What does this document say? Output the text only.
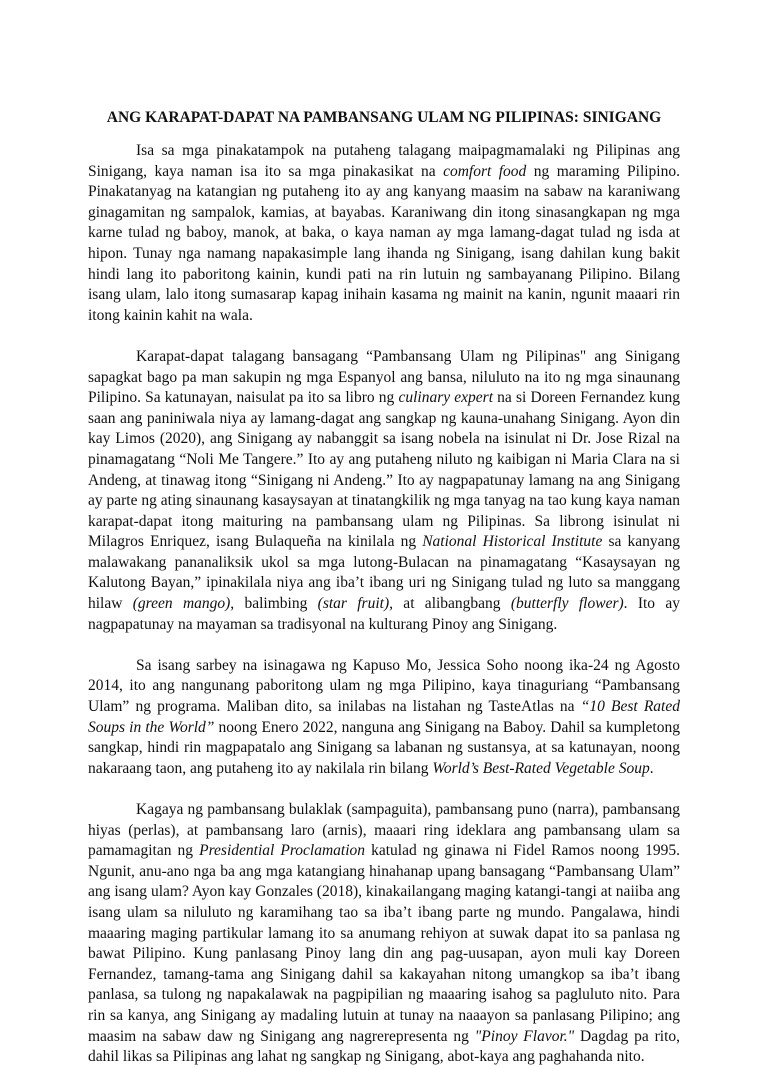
ANG KARAPAT-DAPAT NA PAMBANSANG ULAM NG PILIPINAS: SINIGANG

Isa sa mga pinakatampok na putaheng talagang maipagmamalaki ng Pilipinas ang Sinigang, kaya naman isa ito sa mga pinakasikat na comfort food ng maraming Pilipino. Pinakatanyag na katangian ng putaheng ito ay ang kanyang maasim na sabaw na karaniwang ginagamitan ng sampalok, kamias, at bayabas. Karaniwang din itong sinasangkapan ng mga karne tulad ng baboy, manok, at baka, o kaya naman ay mga lamang-dagat tulad ng isda at hipon. Tunay nga namang napakasimple lang ihanda ng Sinigang, isang dahilan kung bakit hindi lang ito paboritong kainin, kundi pati na rin lutuin ng sambayanang Pilipino. Bilang isang ulam, lalo itong sumasarap kapag inihain kasama ng mainit na kanin, ngunit maaari rin itong kainin kahit na wala.

Karapat-dapat talagang bansagang “Pambansang Ulam ng Pilipinas" ang Sinigang sapagkat bago pa man sakupin ng mga Espanyol ang bansa, niluluto na ito ng mga sinaunang Pilipino. Sa katunayan, naisulat pa ito sa libro ng culinary expert na si Doreen Fernandez kung saan ang paniniwala niya ay lamang-dagat ang sangkap ng kauna-unahang Sinigang. Ayon din kay Limos (2020), ang Sinigang ay nabanggit sa isang nobela na isinulat ni Dr. Jose Rizal na pinamagatang “Noli Me Tangere.” Ito ay ang putaheng niluto ng kaibigan ni Maria Clara na si Andeng, at tinawag itong “Sinigang ni Andeng.” Ito ay nagpapatunay lamang na ang Sinigang ay parte ng ating sinaunang kasaysayan at tinatangkilik ng mga tanyag na tao kung kaya naman karapat-dapat itong maituring na pambansang ulam ng Pilipinas. Sa librong isinulat ni Milagros Enriquez, isang Bulaqueña na kinilala ng National Historical Institute sa kanyang malawakang pananaliksik ukol sa mga lutong-Bulacan na pinamagatang “Kasaysayan ng Kalutong Bayan,” ipinakilala niya ang iba’t ibang uri ng Sinigang tulad ng luto sa manggang hilaw (green mango), balimbing (star fruit), at alibangbang (butterfly flower). Ito ay nagpapatunay na mayaman sa tradisyonal na kulturang Pinoy ang Sinigang.

Sa isang sarbey na isinagawa ng Kapuso Mo, Jessica Soho noong ika-24 ng Agosto 2014, ito ang nangunang paboritong ulam ng mga Pilipino, kaya tinaguriang “Pambansang Ulam” ng programa. Maliban dito, sa inilabas na listahan ng TasteAtlas na “10 Best Rated Soups in the World” noong Enero 2022, nanguna ang Sinigang na Baboy. Dahil sa kumpletong sangkap, hindi rin magpapatalo ang Sinigang sa labanan ng sustansya, at sa katunayan, noong nakaraang taon, ang putaheng ito ay nakilala rin bilang World’s Best-Rated Vegetable Soup.

Kagaya ng pambansang bulaklak (sampaguita), pambansang puno (narra), pambansang hiyas (perlas), at pambansang laro (arnis), maaari ring ideklara ang pambansang ulam sa pamamagitan ng Presidential Proclamation katulad ng ginawa ni Fidel Ramos noong 1995. Ngunit, anu-ano nga ba ang mga katangiang hinahanap upang bansagang “Pambansang Ulam” ang isang ulam? Ayon kay Gonzales (2018), kinakailangang maging katangi-tangi at naiiba ang isang ulam sa niluluto ng karamihang tao sa iba’t ibang parte ng mundo. Pangalawa, hindi maaaring maging partikular lamang ito sa anumang rehiyon at suwak dapat ito sa panlasa ng bawat Pilipino. Kung panlasang Pinoy lang din ang pag-uusapan, ayon muli kay Doreen Fernandez, tamang-tama ang Sinigang dahil sa kakayahan nitong umangkop sa iba’t ibang panlasa, sa tulong ng napakalawak na pagpipilian ng maaaring isahog sa pagluluto nito. Para rin sa kanya, ang Sinigang ay madaling lutuin at tunay na naaayon sa panlasang Pilipino; ang maasim na sabaw daw ng Sinigang ang nagrerepresenta ng "Pinoy Flavor." Dagdag pa rito, dahil likas sa Pilipinas ang lahat ng sangkap ng Sinigang, abot-kaya ang paghahanda nito.
